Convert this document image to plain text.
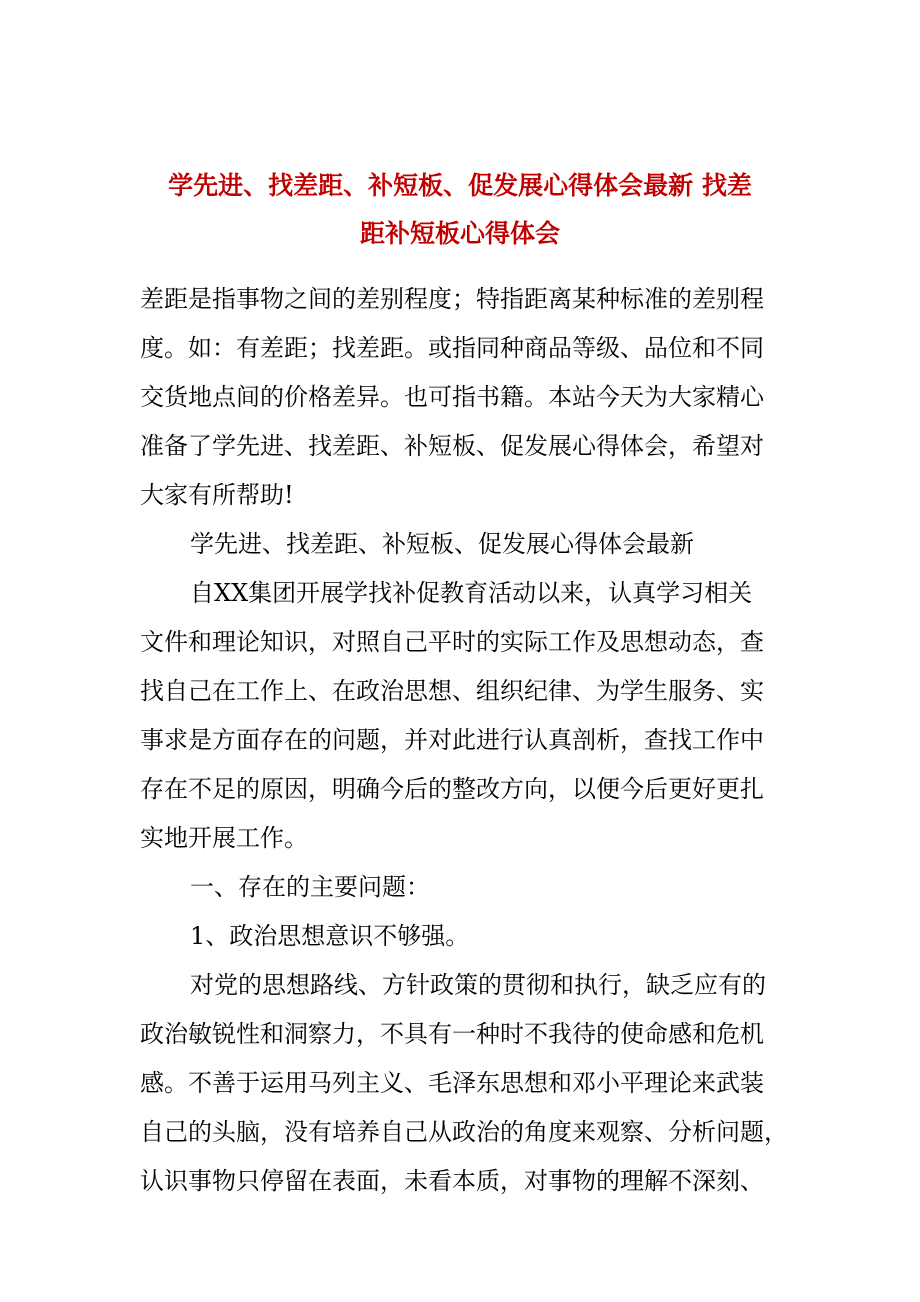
学先进、找差距、补短板、促发展心得体会最新 找差
距补短板心得体会

差距是指事物之间的差别程度；特指距离某种标准的差别程

度。如：有差距；找差距。或指同种商品等级、品位和不同

交货地点间的价格差异。也可指书籍。本站今天为大家精心

准备了学先进、找差距、补短板、促发展心得体会，希望对

大家有所帮助!

学先进、找差距、补短板、促发展心得体会最新

自XX集团开展学找补促教育活动以来，认真学习相关

文件和理论知识，对照自己平时的实际工作及思想动态，查

找自己在工作上、在政治思想、组织纪律、为学生服务、实

事求是方面存在的问题，并对此进行认真剖析，查找工作中

存在不足的原因，明确今后的整改方向，以便今后更好更扎

实地开展工作。

一、存在的主要问题：

1、政治思想意识不够强。

对党的思想路线、方针政策的贯彻和执行，缺乏应有的

政治敏锐性和洞察力，不具有一种时不我待的使命感和危机

感。不善于运用马列主义、毛泽东思想和邓小平理论来武装

自己的头脑，没有培养自己从政治的角度来观察、分析问题，

认识事物只停留在表面，未看本质，对事物的理解不深刻、
